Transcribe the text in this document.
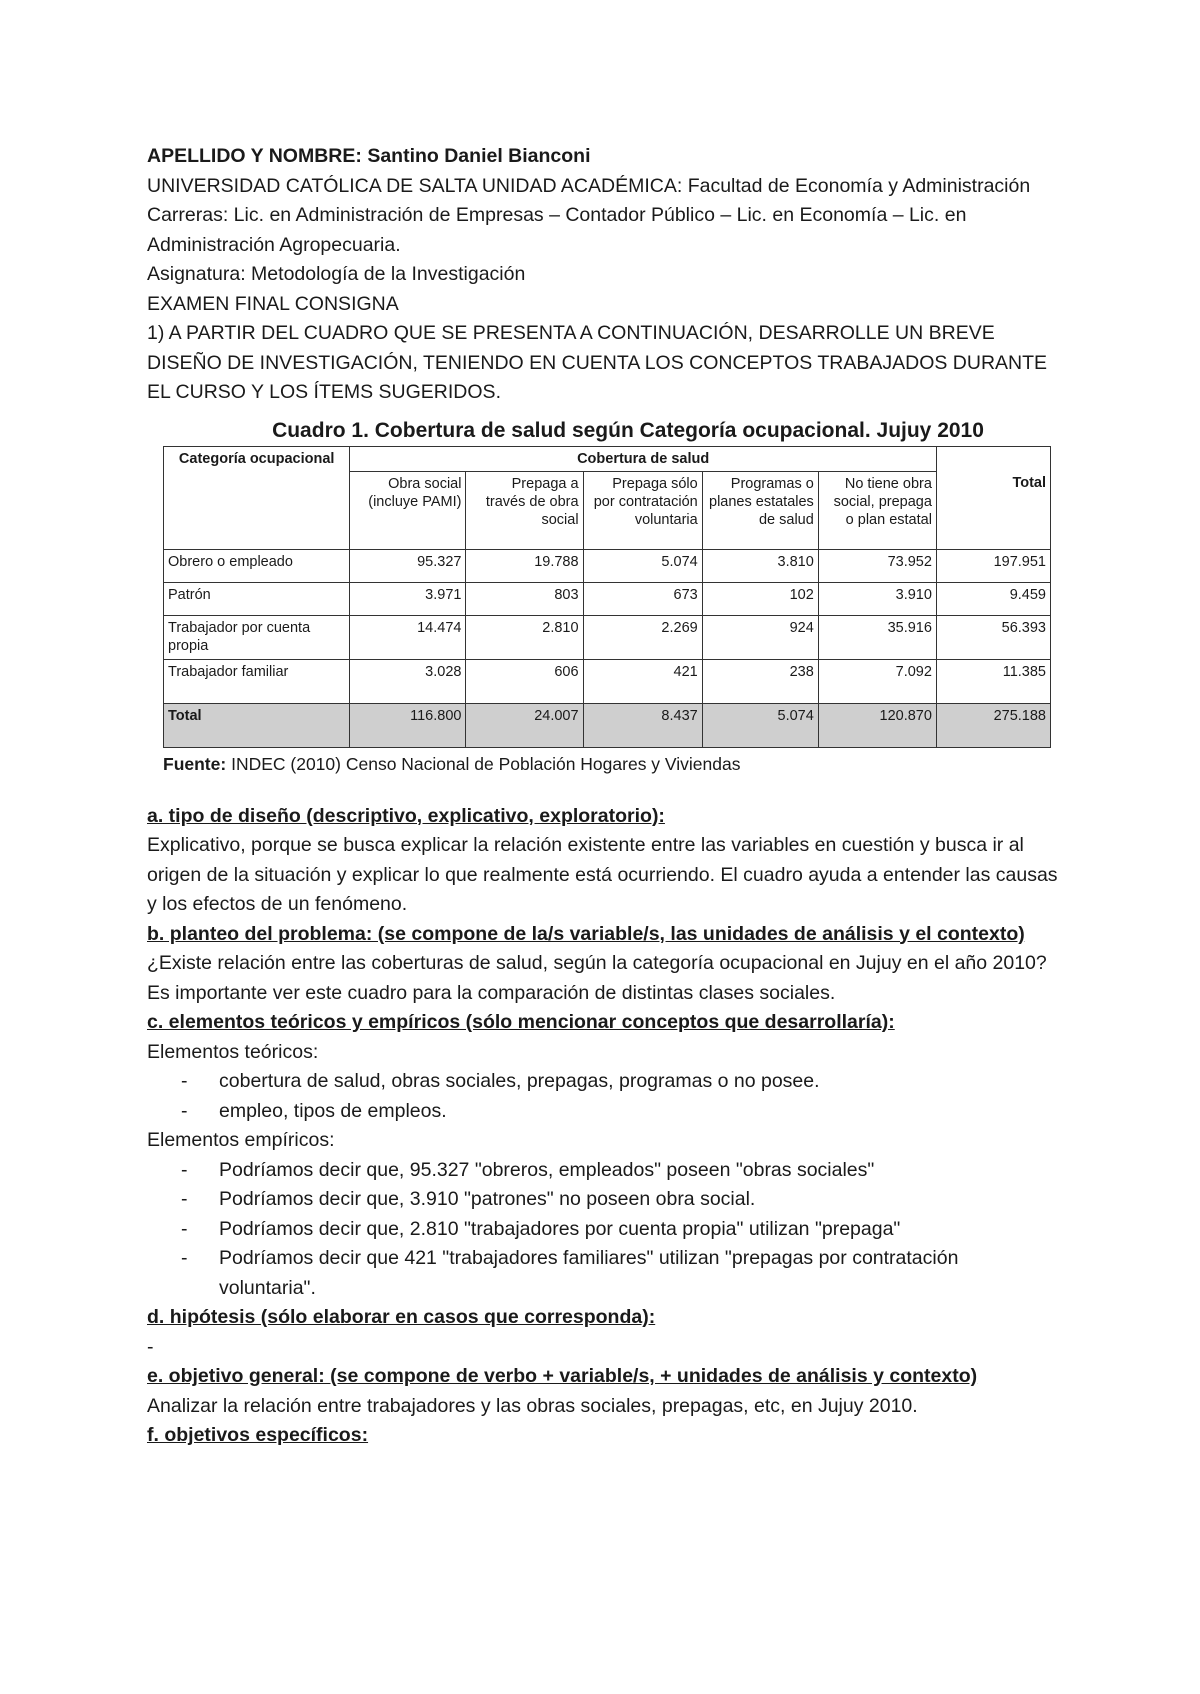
APELLIDO Y NOMBRE: Santino Daniel Bianconi

UNIVERSIDAD CATÓLICA DE SALTA UNIDAD ACADÉMICA: Facultad de Economía y Administración Carreras: Lic. en Administración de Empresas – Contador Público – Lic. en Economía – Lic. en Administración Agropecuaria.

Asignatura: Metodología de la Investigación

EXAMEN FINAL CONSIGNA

1) A PARTIR DEL CUADRO QUE SE PRESENTA A CONTINUACIÓN, DESARROLLE UN BREVE DISEÑO DE INVESTIGACIÓN, TENIENDO EN CUENTA LOS CONCEPTOS TRABAJADOS DURANTE EL CURSO Y LOS ÍTEMS SUGERIDOS.

Cuadro 1. Cobertura de salud según Categoría ocupacional. Jujuy 2010
Categoría ocupacional	Cobertura de salud					
	Obra social (incluye PAMI)	Prepaga a través de obra social	Prepaga sólo por contratación voluntaria	Programas o planes estatales de salud	No tiene obra social, prepaga o plan estatal	Total
Obrero o empleado	95.327	19.788	5.074	3.810	73.952	197.951
Patrón	3.971	803	673	102	3.910	9.459
Trabajador por cuenta propia	14.474	2.810	2.269	924	35.916	56.393
Trabajador familiar	3.028	606	421	238	7.092	11.385
Total	116.800	24.007	8.437	5.074	120.870	275.188
Fuente: INDEC (2010) Censo Nacional de Población Hogares y Viviendas

a. tipo de diseño (descriptivo, explicativo, exploratorio):

Explicativo, porque se busca explicar la relación existente entre las variables en cuestión y busca ir al origen de la situación y explicar lo que realmente está ocurriendo. El cuadro ayuda a entender las causas y los efectos de un fenómeno.

b. planteo del problema: (se compone de la/s variable/s, las unidades de análisis y el contexto)

¿Existe relación entre las coberturas de salud, según la categoría ocupacional en Jujuy en el año 2010?

Es importante ver este cuadro para la comparación de distintas clases sociales.

c. elementos teóricos y empíricos (sólo mencionar conceptos que desarrollaría):

Elementos teóricos:

- cobertura de salud, obras sociales, prepagas, programas o no posee.
- empleo, tipos de empleos.

Elementos empíricos:

- Podríamos decir que, 95.327 "obreros, empleados" poseen "obras sociales"
- Podríamos decir que, 3.910 "patrones" no poseen obra social.
- Podríamos decir que, 2.810 "trabajadores por cuenta propia" utilizan "prepaga"
- Podríamos decir que 421 "trabajadores familiares" utilizan "prepagas por contratación voluntaria".

d. hipótesis (sólo elaborar en casos que corresponda):

-

e. objetivo general: (se compone de verbo + variable/s, + unidades de análisis y contexto)

Analizar la relación entre trabajadores y las obras sociales, prepagas, etc, en Jujuy 2010.

f. objetivos específicos:
